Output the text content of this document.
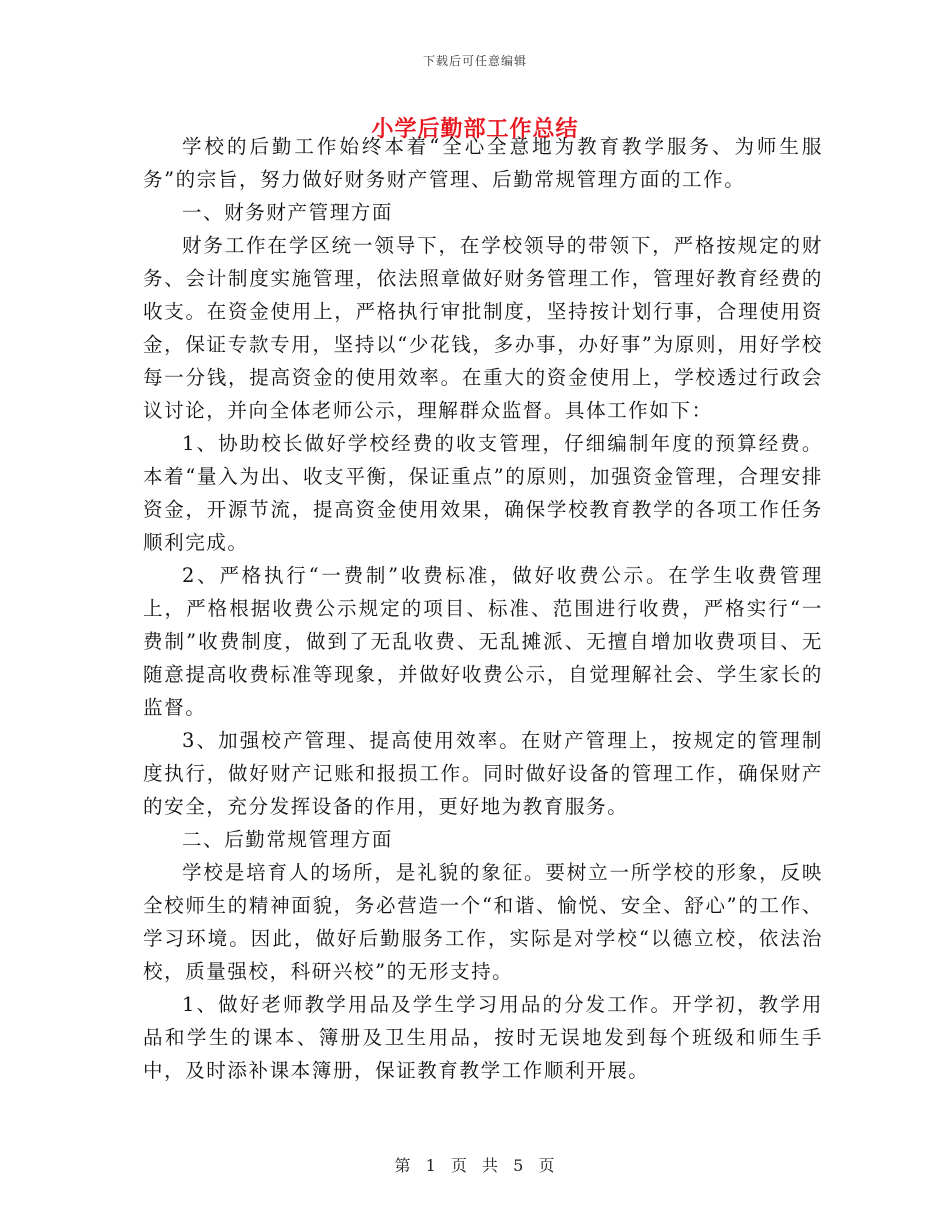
下载后可任意编辑
小学后勤部工作总结

学校的后勤工作始终本着“全心全意地为教育教学服务、为师生服务”的宗旨，努力做好财务财产管理、后勤常规管理方面的工作。

一、财务财产管理方面

财务工作在学区统一领导下，在学校领导的带领下，严格按规定的财务、会计制度实施管理，依法照章做好财务管理工作，管理好教育经费的收支。在资金使用上，严格执行审批制度，坚持按计划行事，合理使用资金，保证专款专用，坚持以“少花钱，多办事，办好事”为原则，用好学校每一分钱，提高资金的使用效率。在重大的资金使用上，学校透过行政会议讨论，并向全体老师公示，理解群众监督。具体工作如下：

1、协助校长做好学校经费的收支管理，仔细编制年度的预算经费。本着“量入为出、收支平衡，保证重点”的原则，加强资金管理，合理安排资金，开源节流，提高资金使用效果，确保学校教育教学的各项工作任务顺利完成。

2、严格执行“一费制”收费标准，做好收费公示。在学生收费管理上，严格根据收费公示规定的项目、标准、范围进行收费，严格实行“一费制”收费制度，做到了无乱收费、无乱摊派、无擅自增加收费项目、无随意提高收费标准等现象，并做好收费公示，自觉理解社会、学生家长的监督。

3、加强校产管理、提高使用效率。在财产管理上，按规定的管理制度执行，做好财产记账和报损工作。同时做好设备的管理工作，确保财产的安全，充分发挥设备的作用，更好地为教育服务。

二、后勤常规管理方面

学校是培育人的场所，是礼貌的象征。要树立一所学校的形象，反映全校师生的精神面貌，务必营造一个“和谐、愉悦、安全、舒心”的工作、学习环境。因此，做好后勤服务工作，实际是对学校“以德立校，依法治校，质量强校，科研兴校”的无形支持。

1、做好老师教学用品及学生学习用品的分发工作。开学初，教学用品和学生的课本、簿册及卫生用品，按时无误地发到每个班级和师生手中，及时添补课本簿册，保证教育教学工作顺利开展。

第 1 页 共 5 页
